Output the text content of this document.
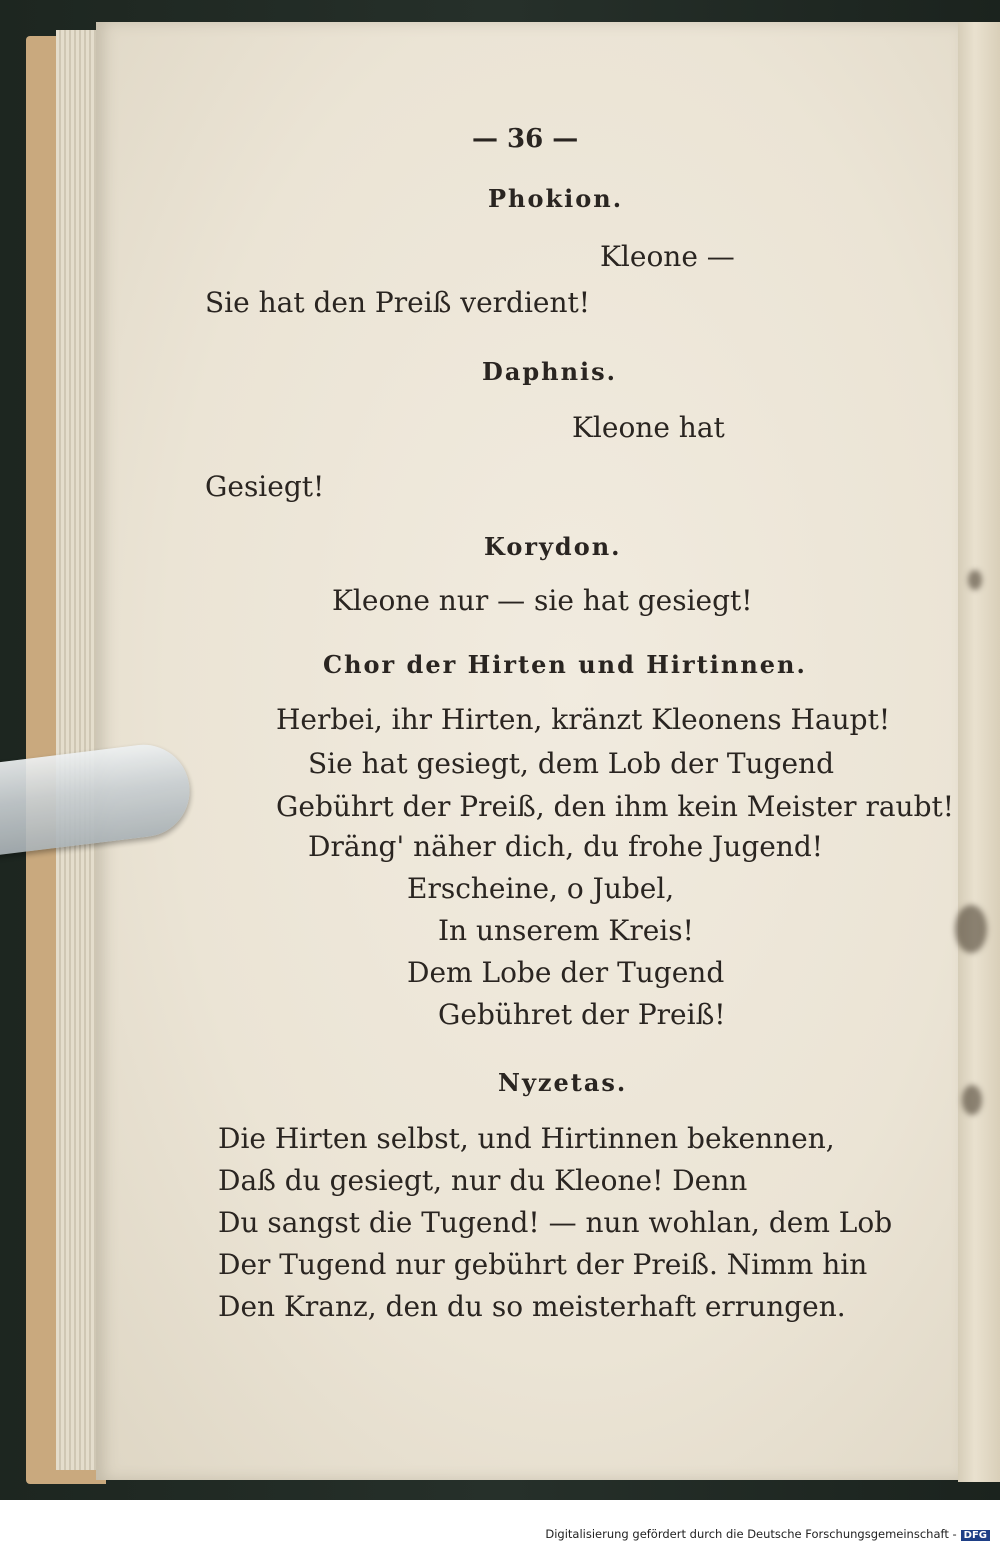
— 36 —
Phokion.
Kleone —
Sie hat den Preiß verdient!
Daphnis.
Kleone hat
Gesiegt!
Korydon.
Kleone nur — sie hat gesiegt!
Chor der Hirten und Hirtinnen.
Herbei, ihr Hirten, kränzt Kleonens Haupt!
Sie hat gesiegt, dem Lob der Tugend
Gebührt der Preiß, den ihm kein Meister raubt!
Dräng' näher dich, du frohe Jugend!
Erscheine, o Jubel,
In unserem Kreis!
Dem Lobe der Tugend
Gebühret der Preiß!
Nyzetas.
Die Hirten selbst, und Hirtinnen bekennen,
Daß du gesiegt, nur du Kleone! Denn
Du sangst die Tugend! — nun wohlan, dem Lob
Der Tugend nur gebührt der Preiß. Nimm hin
Den Kranz, den du so meisterhaft errungen.
Digitalisierung gefördert durch die Deutsche Forschungsgemeinschaft - DFG
